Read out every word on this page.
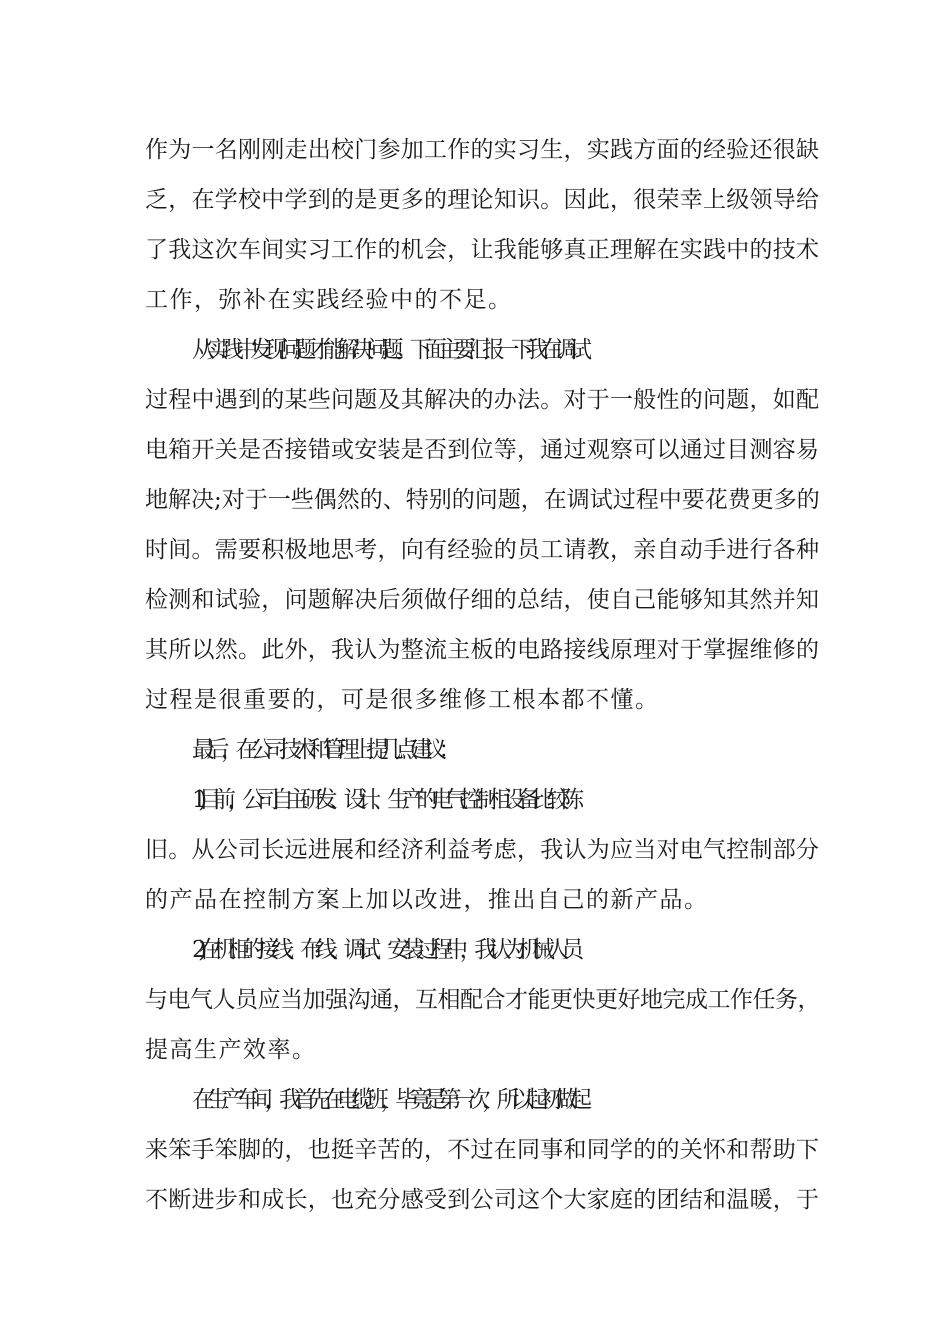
作为一名刚刚走出校门参加工作的实习生，实践方面的经验还很缺
乏，在学校中学到的是更多的理论知识。因此，很荣幸上级领导给
了我这次车间实习工作的机会，让我能够真正理解在实践中的技术
工作，弥补在实践经验中的不足。
从实践中发现问题才能解决问题。下面主要汇报一下我在调试
过程中遇到的某些问题及其解决的办法。对于一般性的问题，如配
电箱开关是否接错或安装是否到位等，通过观察可以通过目测容易
地解决;对于一些偶然的、特别的问题，在调试过程中要花费更多的
时间。需要积极地思考，向有经验的员工请教，亲自动手进行各种
检测和试验，问题解决后须做仔细的总结，使自己能够知其然并知
其所以然。此外，我认为整流主板的电路接线原理对于掌握维修的
过程是很重要的，可是很多维修工根本都不懂。
最后，在公司技术和管理上提几点建议：
1)目前，公司自主研发、设计、生产的电气控制柜设备比较陈
旧。从公司长远进展和经济利益考虑，我认为应当对电气控制部分
的产品在控制方案上加以改进，推出自己的新产品。
2)在机柜的接线、布线、调试、安装过程中，我认为机械人员
与电气人员应当加强沟通，互相配合才能更快更好地完成工作任务，
提高生产效率。
在生产车间，我首先在电缆班，毕竟是第一次，所以起初做起
来笨手笨脚的，也挺辛苦的，不过在同事和同学的的关怀和帮助下
不断进步和成长，也充分感受到公司这个大家庭的团结和温暖，于
